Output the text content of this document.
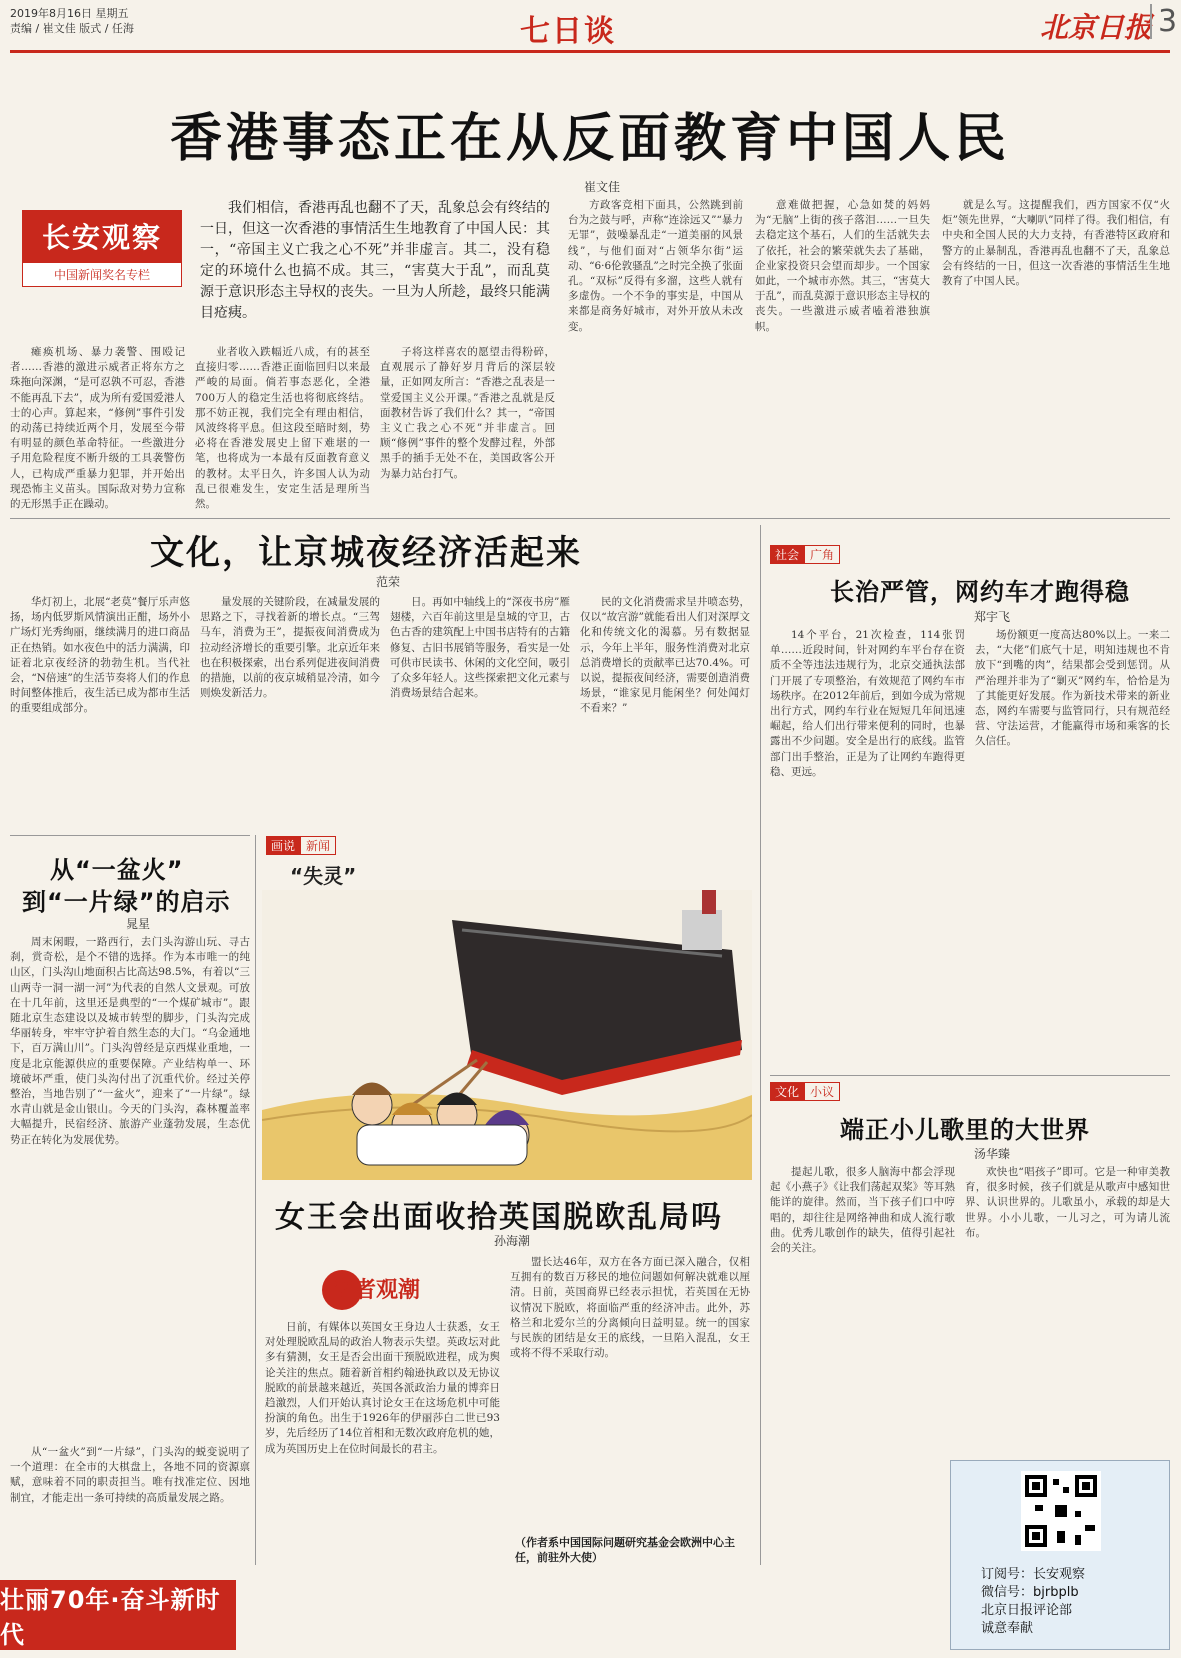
2019年8月16日 星期五
责编 / 崔文佳 版式 / 任海	七日谈	北京日报 3
香港事态正在从反面教育中国人民
崔文佳
长安观察
中国新闻奖名专栏
我们相信，香港再乱也翻不了天，乱象总会有终结的一日，但这一次香港的事情活生生地教育了中国人民：其一，“帝国主义亡我之心不死”并非虚言。其二，没有稳定的环境什么也搞不成。其三，“害莫大于乱”，而乱莫源于意识形态主导权的丧失。一旦为人所趁，最终只能满目疮痍。
瘫痪机场、暴力袭警、围殴记者……香港的激进示威者正将东方之珠拖向深渊，“是可忍孰不可忍，香港不能再乱下去”，成为所有爱国爱港人士的心声。算起来，“修例”事件引发的动荡已持续近两个月，发展至今带有明显的颜色革命特征。一些激进分子用危险程度不断升级的工具袭警伤人，已构成严重暴力犯罪，并开始出现恐怖主义苗头。国际敌对势力宣称的无形黑手正在躁动。
业者收入跌幅近八成，有的甚至直接归零……香港正面临回归以来最严峻的局面。倘若事态恶化，全港700万人的稳定生活也将彻底终结。那不妨正视，我们完全有理由相信，风波终将平息。但这段至暗时刻，势必将在香港发展史上留下难堪的一笔，也将成为一本最有反面教育意义的教材。太平日久，许多国人认为动乱已很难发生，安定生活是理所当然。
子将这样喜农的愿望击得粉碎，直观展示了静好岁月背后的深层较量，正如网友所言：“香港之乱表是一堂爱国主义公开课。”香港之乱就是反面教材告诉了我们什么？其一，“帝国主义亡我之心不死”并非虚言。回顾“修例”事件的整个发酵过程，外部黑手的插手无处不在，美国政客公开为暴力站台打气。
方政客竞相下面具，公然跳到前台为之鼓与呼，声称“连涂远又”“暴力无罪”，鼓噪暴乱走“一道美丽的风景线”，与他们面对“占领华尔街”运动、“6·6伦敦骚乱”之时完全换了张面孔。“双标”反得有多溜，这些人就有多虚伪。一个不争的事实是，中国从来都是商务好城市，对外开放从未改变。
意难做把握，心急如焚的妈妈为“无脑”上街的孩子落泪……一旦失去稳定这个基石，人们的生活就失去了依托，社会的繁荣就失去了基础，企业家投资只会望而却步。一个国家如此，一个城市亦然。其三，“害莫大于乱”，而乱莫源于意识形态主导权的丧失。一些激进示威者嗑着港独旗帜。
就是么写。这提醒我们，西方国家不仅“火炬”领先世界，“大喇叭”同样了得。我们相信，有中央和全国人民的大力支持，有香港特区政府和警方的止暴制乱，香港再乱也翻不了天，乱象总会有终结的一日，但这一次香港的事情活生生地教育了中国人民。
文化，让京城夜经济活起来
范荣
华灯初上，北展“老莫”餐厅乐声悠扬，场内低罗斯风情演出正酣，场外小广场灯光秀绚丽，继续满月的进口商品正在热销。如水夜色中的活力满满，印证着北京夜经济的勃勃生机。当代社会，“N倍速”的生活节奏将人们的作息时间整体推后，夜生活已成为都市生活的重要组成部分。
量发展的关键阶段，在减量发展的思路之下，寻找着新的增长点。“三驾马车，消费为王”，提振夜间消费成为拉动经济增长的重要引擎。北京近年来也在积极探索，出台系列促进夜间消费的措施，以前的夜京城稍显冷清，如今则焕发新活力。
日。再如中轴线上的“深夜书房”雁翅楼，六百年前这里是皇城的守卫，古色古香的建筑配上中国书店特有的古籍修复、古旧书展销等服务，看实是一处可供市民读书、休闲的文化空间，吸引了众多年轻人。这些探索把文化元素与消费场景结合起来。
民的文化消费需求呈井喷态势，仅以“故宫游”就能看出人们对深厚文化和传统文化的渴慕。另有数据显示，今年上半年，服务性消费对北京总消费增长的贡献率已达70.4%。可以说，提振夜间经济，需要创造消费场景，“谁家见月能闲坐？何处闻灯不看来？”
从“一盆火”
到“一片绿”的启示
晁星
周末闲暇，一路西行，去门头沟游山玩、寻古刹，赏奇松，是个不错的选择。作为本市唯一的纯山区，门头沟山地面积占比高达98.5%，有着以“三山两寺一洞一湖一河”为代表的自然人文景观。可放在十几年前，这里还是典型的“一个煤矿城市”。跟随北京生态建设以及城市转型的脚步，门头沟完成华丽转身，牢牢守护着自然生态的大门。“乌金通地下，百万满山川”。门头沟曾经是京西煤业重地，一度是北京能源供应的重要保障。产业结构单一、环境破坏严重，使门头沟付出了沉重代价。经过关停整治，当地告别了“一盆火”，迎来了“一片绿”。绿水青山就是金山银山。今天的门头沟，森林覆盖率大幅提升，民宿经济、旅游产业蓬勃发展，生态优势正在转化为发展优势。
从“一盆火”到“一片绿”，门头沟的蜕变说明了一个道理：在全市的大棋盘上，各地不同的资源禀赋，意味着不同的职责担当。唯有找准定位、因地制宜，才能走出一条可持续的高质量发展之路。
画说 新闻
“失灵”
女王会出面收拾英国脱欧乱局吗
孙海潮
学者观潮
日前，有媒体以英国女王身边人士获悉，女王对处理脱欧乱局的政治人物表示失望。英政坛对此多有猜测，女王是否会出面干预脱欧进程，成为舆论关注的焦点。随着新首相约翰逊执政以及无协议脱欧的前景越来越近，英国各派政治力量的博弈日趋激烈，人们开始认真讨论女王在这场危机中可能扮演的角色。出生于1926年的伊丽莎白二世已93岁，先后经历了14位首相和无数次政府危机的她，成为英国历史上在位时间最长的君主。
盟长达46年，双方在各方面已深入融合，仅相互拥有的数百万移民的地位问题如何解决就难以厘清。日前，英国商界已经表示担忧，若英国在无协议情况下脱欧，将面临严重的经济冲击。此外，苏格兰和北爱尔兰的分离倾向日益明显。统一的国家与民族的团结是女王的底线，一旦陷入混乱，女王或将不得不采取行动。
（作者系中国国际问题研究基金会欧洲中心主任，前驻外大使）
社会 广角
长治严管，网约车才跑得稳
郑宇飞
14个平台，21次检查，114张罚单……近段时间，针对网约车平台存在资质不全等违法违规行为，北京交通执法部门开展了专项整治，有效规范了网约车市场秩序。在2012年前后，到如今成为常规出行方式，网约车行业在短短几年间迅速崛起，给人们出行带来便利的同时，也暴露出不少问题。安全是出行的底线。监管部门出手整治，正是为了让网约车跑得更稳、更远。
场份额更一度高达80%以上。一来二去，“大佬”们底气十足，明知违规也不肯放下“到嘴的肉”，结果都会受到惩罚。从严治理并非为了“剿灭”网约车，恰恰是为了其能更好发展。作为新技术带来的新业态，网约车需要与监管同行，只有规范经营、守法运营，才能赢得市场和乘客的长久信任。
文化 小议
端正小儿歌里的大世界
汤华臻
提起儿歌，很多人脑海中都会浮现起《小燕子》《让我们荡起双桨》等耳熟能详的旋律。然而，当下孩子们口中哼唱的，却往往是网络神曲和成人流行歌曲。优秀儿歌创作的缺失，值得引起社会的关注。
欢快也“唱孩子”即可。它是一种审美教育，很多时候，孩子们就是从歌声中感知世界、认识世界的。儿歌虽小，承载的却是大世界。小小儿歌，一儿习之，可为请儿流布。
订阅号：长安观察
微信号：bjrbplb
北京日报评论部
诚意奉献
壮丽70年·奋斗新时代
